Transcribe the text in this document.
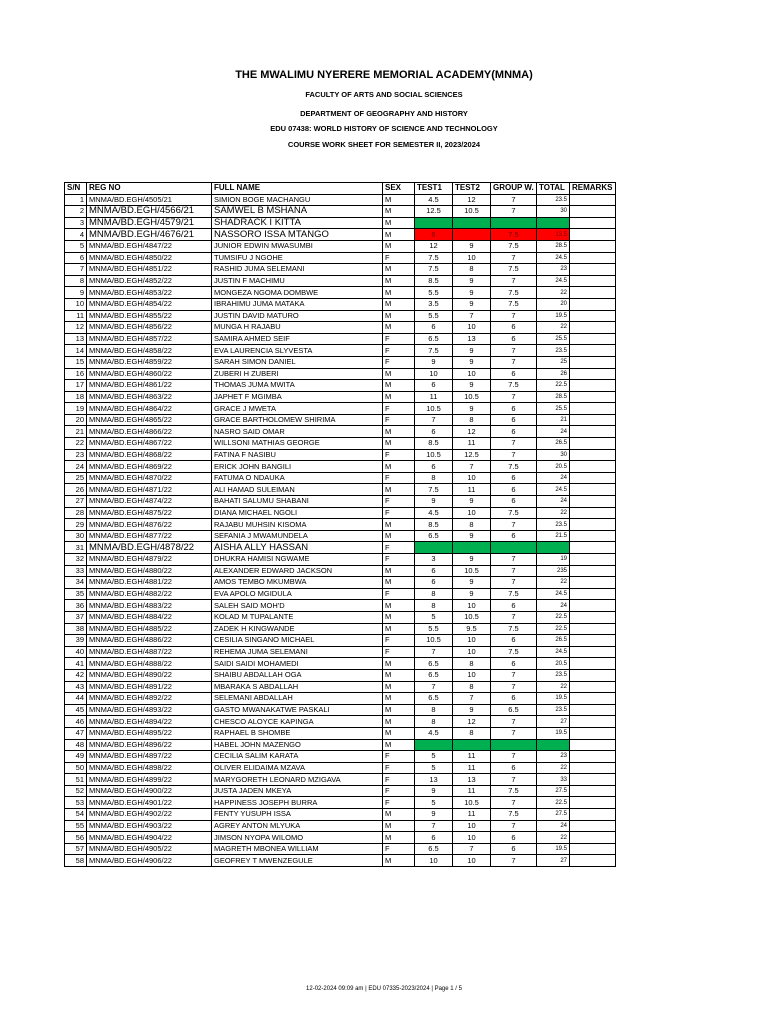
THE MWALIMU NYERERE MEMORIAL ACADEMY(MNMA)
FACULTY OF ARTS AND SOCIAL SCIENCES
DEPARTMENT OF GEOGRAPHY AND HISTORY
EDU 07438: WORLD HISTORY OF SCIENCE AND TECHNOLOGY
COURSE WORK SHEET FOR SEMESTER II, 2023/2024
S/N	REG NO	FULL NAME	SEX	TEST1	TEST2	GROUP W.	TOTAL	REMARKS
1	MNMA/BD.EGH/4505/21	SIMION BOGE MACHANGU	M	4.5	12	7	23.5	
2	MNMA/BD.EGH/4566/21	SAMWEL B MSHANA	M	12.5	10.5	7	30	
3	MNMA/BD.EGH/4579/21	SHADRACK I KITTA	M					
4	MNMA/BD.EGH/4676/21	NASSORO ISSA MTANGO	M	6		7.5	13.5	
5	MNMA/BD.EGH/4847/22	JUNIOR EDWIN MWASUMBI	M	12	9	7.5	28.5	
6	MNMA/BD.EGH/4850/22	TUMSIFU J NGOHE	F	7.5	10	7	24.5	
7	MNMA/BD.EGH/4851/22	RASHID JUMA SELEMANI	M	7.5	8	7.5	23	
8	MNMA/BD.EGH/4852/22	JUSTIN F MACHIMU	M	8.5	9	7	24.5	
9	MNMA/BD.EGH/4853/22	MONGEZA NGOMA DOMBWE	M	5.5	9	7.5	22	
10	MNMA/BD.EGH/4854/22	IBRAHIMU JUMA MATAKA	M	3.5	9	7.5	20	
11	MNMA/BD.EGH/4855/22	JUSTIN DAVID MATURO	M	5.5	7	7	19.5	
12	MNMA/BD.EGH/4856/22	MUNGA H RAJABU	M	6	10	6	22	
13	MNMA/BD.EGH/4857/22	SAMIRA AHMED SEIF	F	6.5	13	6	25.5	
14	MNMA/BD.EGH/4858/22	EVA LAURENCIA SLYVESTA	F	7.5	9	7	23.5	
15	MNMA/BD.EGH/4859/22	SARAH SIMON DANIEL	F	9	9	7	25	
16	MNMA/BD.EGH/4860/22	ZUBERI H ZUBERI	M	10	10	6	26	
17	MNMA/BD.EGH/4861/22	THOMAS JUMA MWITA	M	6	9	7.5	22.5	
18	MNMA/BD.EGH/4863/22	JAPHET F MGIMBA	M	11	10.5	7	28.5	
19	MNMA/BD.EGH/4864/22	GRACE J MWETA	F	10.5	9	6	25.5	
20	MNMA/BD.EGH/4865/22	GRACE BARTHOLOMEW SHIRIMA	F	7	8	6	21	
21	MNMA/BD.EGH/4866/22	NASRO SAID OMAR	M	6	12	6	24	
22	MNMA/BD.EGH/4867/22	WILLSONI MATHIAS GEORGE	M	8.5	11	7	26.5	
23	MNMA/BD.EGH/4868/22	FATINA F NASIBU	F	10.5	12.5	7	30	
24	MNMA/BD.EGH/4869/22	ERICK JOHN BANGILI	M	6	7	7.5	20.5	
25	MNMA/BD.EGH/4870/22	FATUMA O NDAUKA	F	8	10	6	24	
26	MNMA/BD.EGH/4871/22	ALI HAMAD SULEIMAN	M	7.5	11	6	24.5	
27	MNMA/BD.EGH/4874/22	BAHATI SALUMU SHABANI	F	9	9	6	24	
28	MNMA/BD.EGH/4875/22	DIANA MICHAEL NGOLI	F	4.5	10	7.5	22	
29	MNMA/BD.EGH/4876/22	RAJABU MUHSIN KISOMA	M	8.5	8	7	23.5	
30	MNMA/BD.EGH/4877/22	SEFANIA J MWAMUNDELA	M	6.5	9	6	21.5	
31	MNMA/BD.EGH/4878/22	AISHA ALLY HASSAN	F					
32	MNMA/BD.EGH/4879/22	DHUKRA HAMISI NGWAME	F	3	9	7	19	
33	MNMA/BD.EGH/4880/22	ALEXANDER EDWARD JACKSON	M	6	10.5	7	235	
34	MNMA/BD.EGH/4881/22	AMOS TEMBO MKUMBWA	M	6	9	7	22	
35	MNMA/BD.EGH/4882/22	EVA APOLO MGIDULA	F	8	9	7.5	24.5	
36	MNMA/BD.EGH/4883/22	SALEH SAID MOH'D	M	8	10	6	24	
37	MNMA/BD.EGH/4884/22	KOLAD M TUPALANTE	M	5	10.5	7	22.5	
38	MNMA/BD.EGH/4885/22	ZADEK H KINGWANDE	M	5.5	9.5	7.5	22.5	
39	MNMA/BD.EGH/4886/22	CESILIA SINGANO MICHAEL	F	10.5	10	6	26.5	
40	MNMA/BD.EGH/4887/22	REHEMA JUMA SELEMANI	F	7	10	7.5	24.5	
41	MNMA/BD.EGH/4888/22	SAIDI SAIDI MOHAMEDI	M	6.5	8	6	20.5	
42	MNMA/BD.EGH/4890/22	SHAIBU ABDALLAH OGA	M	6.5	10	7	23.5	
43	MNMA/BD.EGH/4891/22	MBARAKA S ABDALLAH	M	7	8	7	22	
44	MNMA/BD.EGH/4892/22	SELEMANI ABDALLAH	M	6.5	7	6	19.5	
45	MNMA/BD.EGH/4893/22	GASTO MWANAKATWE PASKALI	M	8	9	6.5	23.5	
46	MNMA/BD.EGH/4894/22	CHESCO ALOYCE KAPINGA	M	8	12	7	27	
47	MNMA/BD.EGH/4895/22	RAPHAEL B SHOMBE	M	4.5	8	7	19.5	
48	MNMA/BD.EGH/4896/22	HABEL JOHN MAZENGO	M					
49	MNMA/BD.EGH/4897/22	CECILIA SALIM KARATA	F	5	11	7	23	
50	MNMA/BD.EGH/4898/22	OLIVER ELIDAIMA MZAVA	F	5	11	6	22	
51	MNMA/BD.EGH/4899/22	MARYGORETH LEONARD MZIGAVA	F	13	13	7	33	
52	MNMA/BD.EGH/4900/22	JUSTA JADEN MKEYA	F	9	11	7.5	27.5	
53	MNMA/BD.EGH/4901/22	HAPPINESS JOSEPH BURRA	F	5	10.5	7	22.5	
54	MNMA/BD.EGH/4902/22	FENTY YUSUPH ISSA	M	9	11	7.5	27.5	
55	MNMA/BD.EGH/4903/22	AGREY ANTON MLYUKA	M	7	10	7	24	
56	MNMA/BD.EGH/4904/22	JIMSON NYOPA WILOMO	M	6	10	6	22	
57	MNMA/BD.EGH/4905/22	MAGRETH MBONEA WILLIAM	F	6.5	7	6	19.5	
58	MNMA/BD.EGH/4906/22	GEOFREY T MWENZEGULE	M	10	10	7	27	
12-02-2024 09:09 am | EDU 07335-2023/2024 | Page 1 / 5
